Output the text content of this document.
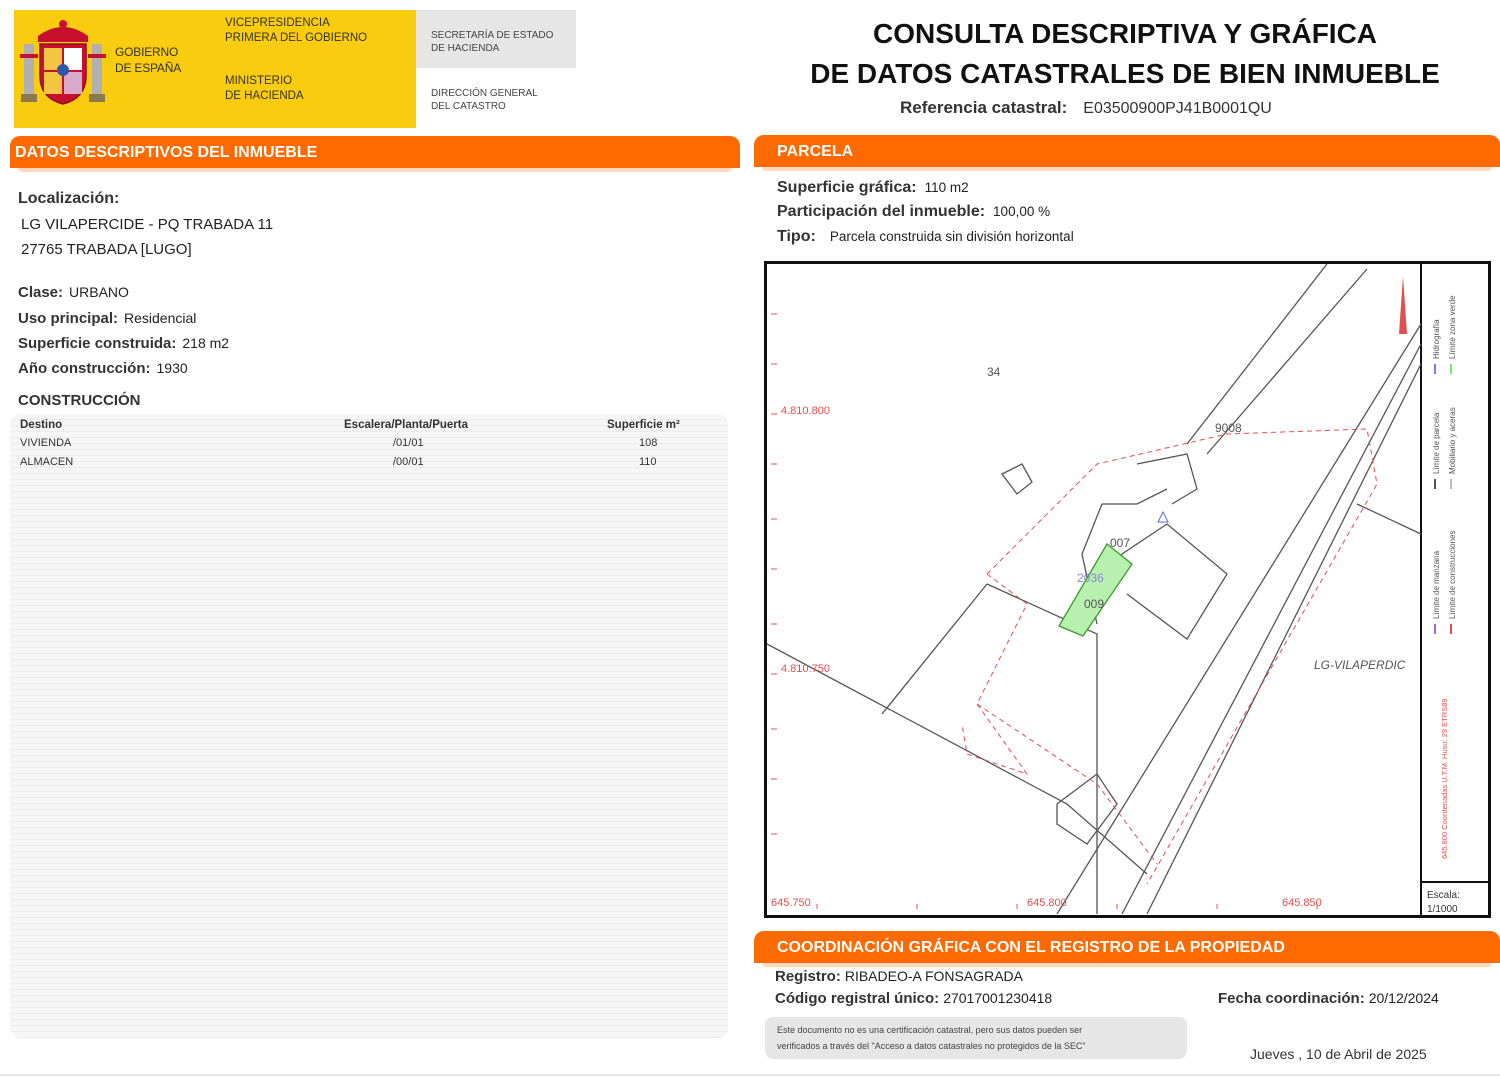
GOBIERNO
DE ESPAÑA
VICEPRESIDENCIA
PRIMERA DEL GOBIERNO
MINISTERIO
DE HACIENDA
SECRETARÍA DE ESTADO
DE HACIENDA
DIRECCIÓN GENERAL
DEL CATASTRO
CONSULTA DESCRIPTIVA Y GRÁFICA
DE DATOS CATASTRALES DE BIEN INMUEBLE
Referencia catastral: E03500900PJ41B0001QU
DATOS DESCRIPTIVOS DEL INMUEBLE
Localización:
LG VILAPERCIDE - PQ TRABADA 11
27765 TRABADA [LUGO]
Clase: URBANO
Uso principal: Residencial
Superficie construida: 218 m2
Año construcción: 1930
CONSTRUCCIÓN
Destino	Escalera/Planta/Puerta	Superficie m²
VIVIENDA	/01/01	108
ALMACEN	/00/01	110
PARCELA
Superficie gráfica: 110 m2
Participación del inmueble: 100,00 %
Tipo: Parcela construida sin división horizontal
34
9008
007
2036
009
LG-VILAPERDIC
4.810.800
4.810.750
645.750	645.800	645.850
Hidrografía Límite zona verde
Límite de parcela Mobiliario y aceras
Límite de manzana Límite de construcciones
645.800 Coordenadas U.T.M. Huso: 29 ETRS89
Escala:
1/1000
COORDINACIÓN GRÁFICA CON EL REGISTRO DE LA PROPIEDAD
Registro: RIBADEO-A FONSAGRADA
Código registral único: 27017001230418	Fecha coordinación: 20/12/2024
Este documento no es una certificación catastral, pero sus datos pueden ser
verificados a través del "Acceso a datos catastrales no protegidos de la SEC"	Jueves , 10 de Abril de 2025
